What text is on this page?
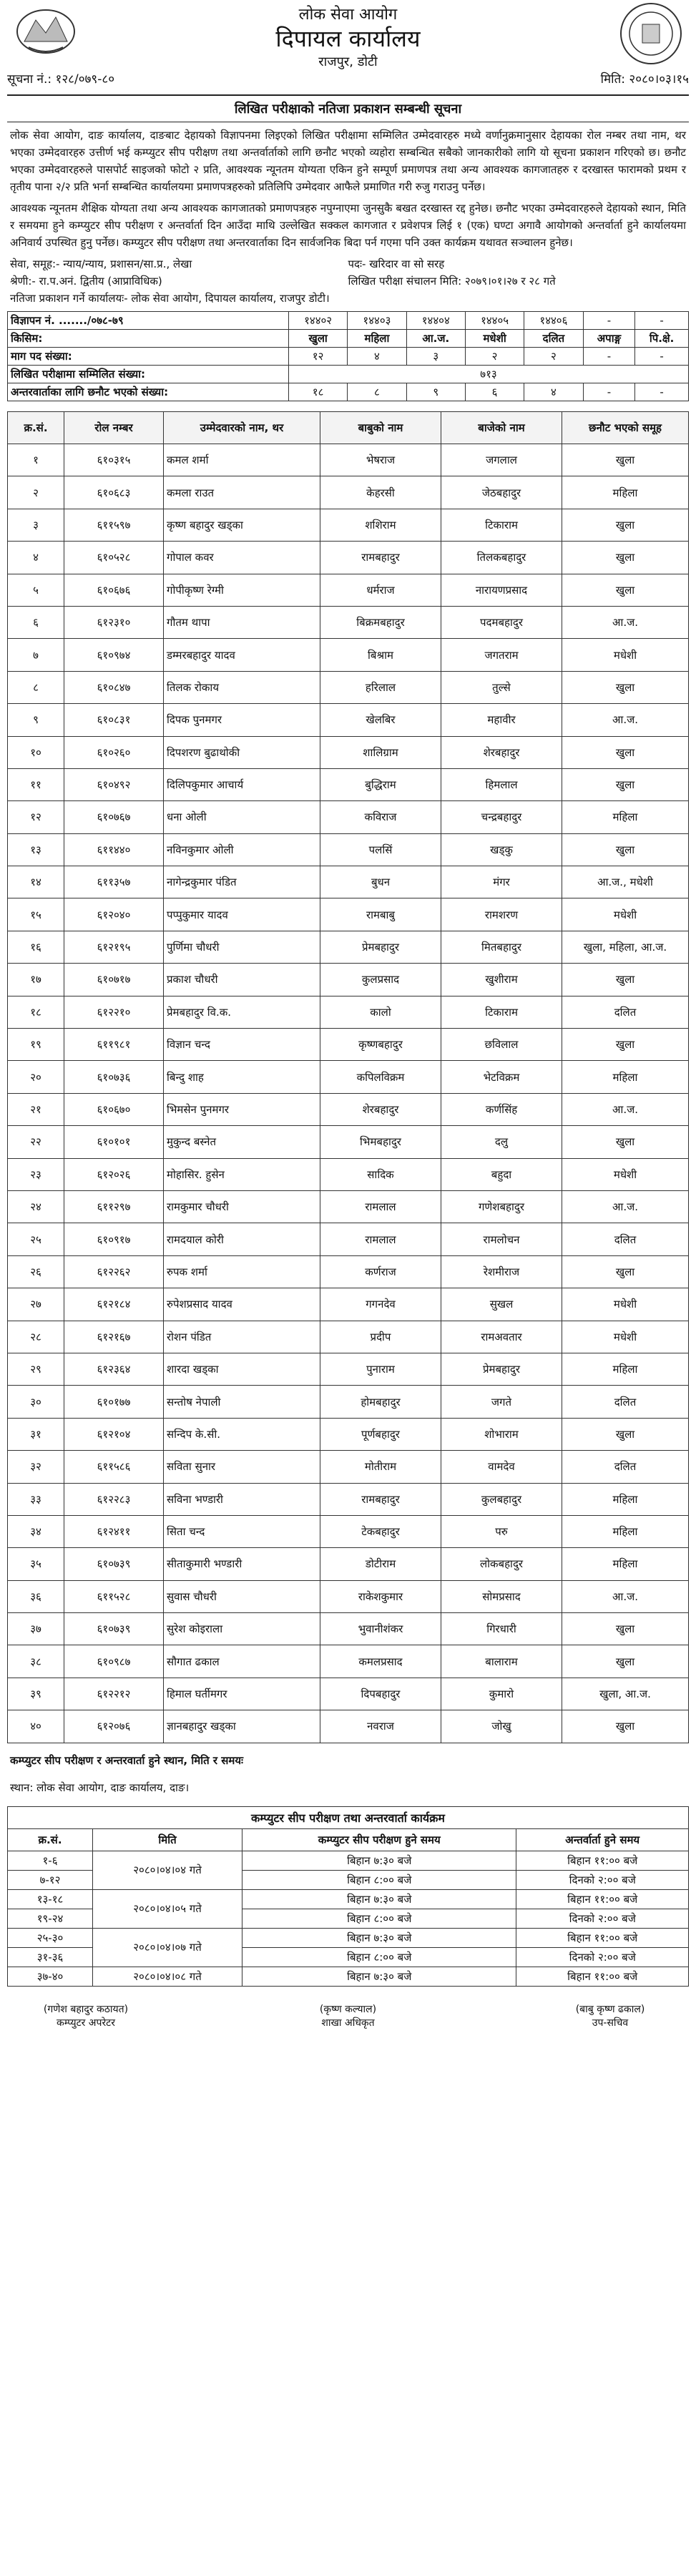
लोक सेवा आयोग
दिपायल कार्यालय
राजपुर, डोटी
सूचना नं.: १२८/०७९-८०	मिति: २०८०।०३।१५
लिखित परीक्षाको नतिजा प्रकाशन सम्बन्धी सूचना

लोक सेवा आयोग, दाङ कार्यालय, दाङबाट देहायको विज्ञापनमा लिइएको लिखित परीक्षामा सम्मिलित उम्मेदवारहरु मध्ये वर्णानुक्रमानुसार देहायका रोल नम्बर तथा नाम, थर भएका उम्मेदवारहरु उत्तीर्ण भई कम्प्युटर सीप परीक्षण तथा अन्तर्वार्ताको लागि छनौट भएको व्यहोरा सम्बन्धित सबैको जानकारीको लागि यो सूचना प्रकाशन गरिएको छ। छनौट भएका उम्मेदवारहरुले पासपोर्ट साइजको फोटो २ प्रति, आवश्यक न्यूनतम योग्यता एकिन हुने सम्पूर्ण प्रमाणपत्र तथा अन्य आवश्यक कागजातहरु र दरखास्त फारामको प्रथम र तृतीय पाना २/२ प्रति भर्ना सम्बन्धित कार्यालयमा प्रमाणपत्रहरुको प्रतिलिपि उम्मेदवार आफैले प्रमाणित गरी रुजु गराउनु पर्नेछ।

आवश्यक न्यूनतम शैक्षिक योग्यता तथा अन्य आवश्यक कागजातको प्रमाणपत्रहरु नपुग्नाएमा जुनसुकै बखत दरखास्त रद्द हुनेछ। छनौट भएका उम्मेदवारहरुले देहायको स्थान, मिति र समयमा हुने कम्प्युटर सीप परीक्षण र अन्तर्वार्ता दिन आउँदा माथि उल्लेखित सक्कल कागजात र प्रवेशपत्र लिई १ (एक) घण्टा अगावै आयोगको अन्तर्वार्ता हुने कार्यालयमा अनिवार्य उपस्थित हुनु पर्नेछ। कम्प्युटर सीप परीक्षण तथा अन्तरवार्ताका दिन सार्वजनिक बिदा पर्न गएमा पनि उक्त कार्यक्रम यथावत सञ्चालन हुनेछ।

सेवा, समूह:- न्याय/न्याय, प्रशासन/सा.प्र., लेखा	पदः- खरिदार वा सो सरह
श्रेणी:- रा.प.अनं. द्वितीय (आप्राविधिक)	लिखित परीक्षा संचालन मिति: २०७९।०१।२७ र २८ गते
नतिजा प्रकाशन गर्ने कार्यालयः- लोक सेवा आयोग, दिपायल कार्यालय, राजपुर डोटी।
विज्ञापन नं. ......./०७८-७९	१४४०२	१४४०३	१४४०४	१४४०५	१४४०६	-	-
किसिम:	खुला	महिला	आ.ज.	मधेशी	दलित	अपाङ्ग	पि.क्षे.
माग पद संख्या:	१२	४	३	२	२	-	-
लिखित परीक्षामा सम्मिलित संख्या:	७१३						
अन्तरवार्ताका लागि छनौट भएको संख्या:	१८	८	९	६	४	-	-
क्र.सं.	रोल नम्बर	उम्मेदवारको नाम, थर	बाबुको नाम	बाजेको नाम	छनौट भएको समूह
१	६१०३१५	कमल शर्मा	भेषराज	जगलाल	खुला
२	६१०६८३	कमला राउत	केहरसी	जेठबहादुर	महिला
३	६११५९७	कृष्ण बहादुर खड्का	शशिराम	टिकाराम	खुला
४	६१०५२८	गोपाल कवर	रामबहादुर	तिलकबहादुर	खुला
५	६१०६७६	गोपीकृष्ण रेग्मी	धर्मराज	नारायणप्रसाद	खुला
६	६१२३१०	गौतम थापा	बिक्रमबहादुर	पदमबहादुर	आ.ज.
७	६१०९७४	डम्मरबहादुर यादव	बिश्राम	जगतराम	मधेशी
८	६१०८४७	तिलक रोकाय	हरिलाल	तुल्से	खुला
९	६१०८३१	दिपक पुनमगर	खेलबिर	महावीर	आ.ज.
१०	६१०२६०	दिपशरण बुढाथोकी	शालिग्राम	शेरबहादुर	खुला
११	६१०४९२	दिलिपकुमार आचार्य	बुद्धिराम	हिमलाल	खुला
१२	६१०७६७	धना ओली	कविराज	चन्द्रबहादुर	महिला
१३	६११४४०	नविनकुमार ओली	पलसिं	खड्कु	खुला
१४	६११३५७	नागेन्द्रकुमार पंडित	बुधन	मंगर	आ.ज., मधेशी
१५	६१२०४०	पप्पुकुमार यादव	रामबाबु	रामशरण	मधेशी
१६	६१२१९५	पुर्णिमा चौधरी	प्रेमबहादुर	मितबहादुर	खुला, महिला, आ.ज.
१७	६१०७१७	प्रकाश चौधरी	कुलप्रसाद	खुशीराम	खुला
१८	६१२२१०	प्रेमबहादुर वि.क.	कालो	टिकाराम	दलित
१९	६११९८१	विज्ञान चन्द	कृष्णबहादुर	छविलाल	खुला
२०	६१०७३६	बिन्दु शाह	कपिलविक्रम	भेटविक्रम	महिला
२१	६१०६७०	भिमसेन पुनमगर	शेरबहादुर	कर्णसिंह	आ.ज.
२२	६१०१०१	मुकुन्द बस्नेत	भिमबहादुर	दलु	खुला
२३	६१२०२६	मोहासिर. हुसेन	सादिक	बहुदा	मधेशी
२४	६११२९७	रामकुमार चौधरी	रामलाल	गणेशबहादुर	आ.ज.
२५	६१०९१७	रामदयाल कोरी	रामलाल	रामलोचन	दलित
२६	६१२२६२	रुपक शर्मा	कर्णराज	रेशमीराज	खुला
२७	६१२१८४	रुपेशप्रसाद यादव	गगनदेव	सुखल	मधेशी
२८	६१२१६७	रोशन पंडित	प्रदीप	रामअवतार	मधेशी
२९	६१२३६४	शारदा खड्का	पुनाराम	प्रेमबहादुर	महिला
३०	६१०१७७	सन्तोष नेपाली	होमबहादुर	जगते	दलित
३१	६१२१०४	सन्दिप के.सी.	पूर्णबहादुर	शोभाराम	खुला
३२	६११५८६	सविता सुनार	मोतीराम	वामदेव	दलित
३३	६१२२८३	सविना भण्डारी	रामबहादुर	कुलबहादुर	महिला
३४	६१२४११	सिता चन्द	टेकबहादुर	परु	महिला
३५	६१०७३९	सीताकुमारी भण्डारी	डोटीराम	लोकबहादुर	महिला
३६	६११५२८	सुवास चौधरी	राकेशकुमार	सोमप्रसाद	आ.ज.
३७	६१०७३९	सुरेश कोइराला	भुवानीशंकर	गिरधारी	खुला
३८	६१०९८७	सौगात ढकाल	कमलप्रसाद	बालाराम	खुला
३९	६१२२१२	हिमाल घर्तीमगर	दिपबहादुर	कुमारो	खुला, आ.ज.
४०	६१२०७६	ज्ञानबहादुर खड्का	नवराज	जोखु	खुला
कम्प्युटर सीप परीक्षण र अन्तरवार्ता हुने स्थान, मिति र समयः
स्थान: लोक सेवा आयोग, दाङ कार्यालय, दाङ।
कम्प्युटर सीप परीक्षण तथा अन्तरवार्ता कार्यक्रम
क्र.सं.	मिति	कम्प्युटर सीप परीक्षण हुने समय	अन्तर्वार्ता हुने समय
१-६	२०८०।०४।०४ गते	बिहान ७:३० बजे	बिहान ११:०० बजे
७-१२		बिहान ८:०० बजे	दिनको २:०० बजे
१३-१८	२०८०।०४।०५ गते	बिहान ७:३० बजे	बिहान ११:०० बजे
१९-२४		बिहान ८:०० बजे	दिनको २:०० बजे
२५-३०	२०८०।०४।०७ गते	बिहान ७:३० बजे	बिहान ११:०० बजे
३१-३६		बिहान ८:०० बजे	दिनको २:०० बजे
३७-४०	२०८०।०४।०८ गते	बिहान ७:३० बजे	बिहान ११:०० बजे
(गणेश बहादुर कठायत)
कम्प्युटर अपरेटर
(कृष्ण कल्याल)
शाखा अधिकृत
(बाबु कृष्ण ढकाल)
उप-सचिव
